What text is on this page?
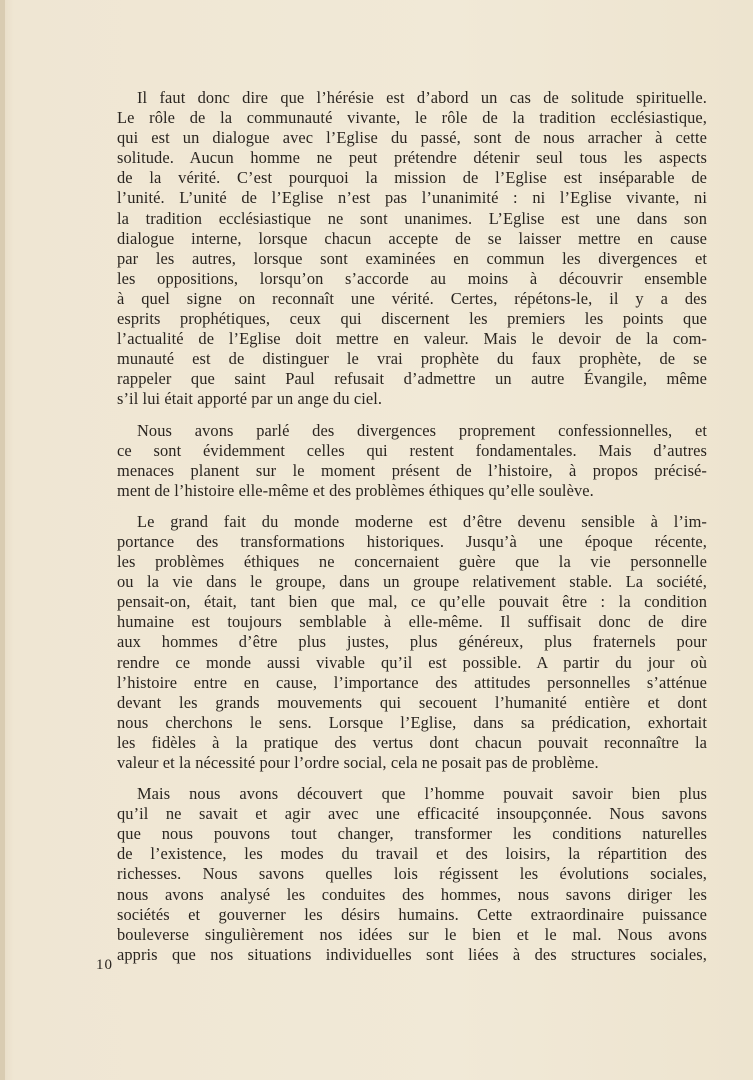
Il faut donc dire que l’hérésie est d’abord un cas de solitude spirituelle.
Le rôle de la communauté vivante, le rôle de la tradition ecclésiastique,
qui est un dialogue avec l’Eglise du passé, sont de nous arracher à cette
solitude. Aucun homme ne peut prétendre détenir seul tous les aspects
de la vérité. C’est pourquoi la mission de l’Eglise est inséparable de
l’unité. L’unité de l’Eglise n’est pas l’unanimité : ni l’Eglise vivante, ni
la tradition ecclésiastique ne sont unanimes. L’Eglise est une dans son
dialogue interne, lorsque chacun accepte de se laisser mettre en cause
par les autres, lorsque sont examinées en commun les divergences et
les oppositions, lorsqu’on s’accorde au moins à découvrir ensemble
à quel signe on reconnaît une vérité. Certes, répétons-le, il y a des
esprits prophétiques, ceux qui discernent les premiers les points que
l’actualité de l’Eglise doit mettre en valeur. Mais le devoir de la com-
munauté est de distinguer le vrai prophète du faux prophète, de se
rappeler que saint Paul refusait d’admettre un autre Évangile, même
s’il lui était apporté par un ange du ciel.

Nous avons parlé des divergences proprement confessionnelles, et
ce sont évidemment celles qui restent fondamentales. Mais d’autres
menaces planent sur le moment présent de l’histoire, à propos précisé-
ment de l’histoire elle-même et des problèmes éthiques qu’elle soulève.

Le grand fait du monde moderne est d’être devenu sensible à l’im-
portance des transformations historiques. Jusqu’à une époque récente,
les problèmes éthiques ne concernaient guère que la vie personnelle
ou la vie dans le groupe, dans un groupe relativement stable. La société,
pensait-on, était, tant bien que mal, ce qu’elle pouvait être : la condition
humaine est toujours semblable à elle-même. Il suffisait donc de dire
aux hommes d’être plus justes, plus généreux, plus fraternels pour
rendre ce monde aussi vivable qu’il est possible. A partir du jour où
l’histoire entre en cause, l’importance des attitudes personnelles s’atténue
devant les grands mouvements qui secouent l’humanité entière et dont
nous cherchons le sens. Lorsque l’Eglise, dans sa prédication, exhortait
les fidèles à la pratique des vertus dont chacun pouvait reconnaître la
valeur et la nécessité pour l’ordre social, cela ne posait pas de problème.

Mais nous avons découvert que l’homme pouvait savoir bien plus
qu’il ne savait et agir avec une efficacité insoupçonnée. Nous savons
que nous pouvons tout changer, transformer les conditions naturelles
de l’existence, les modes du travail et des loisirs, la répartition des
richesses. Nous savons quelles lois régissent les évolutions sociales,
nous avons analysé les conduites des hommes, nous savons diriger les
sociétés et gouverner les désirs humains. Cette extraordinaire puissance
bouleverse singulièrement nos idées sur le bien et le mal. Nous avons
appris que nos situations individuelles sont liées à des structures sociales,

10
